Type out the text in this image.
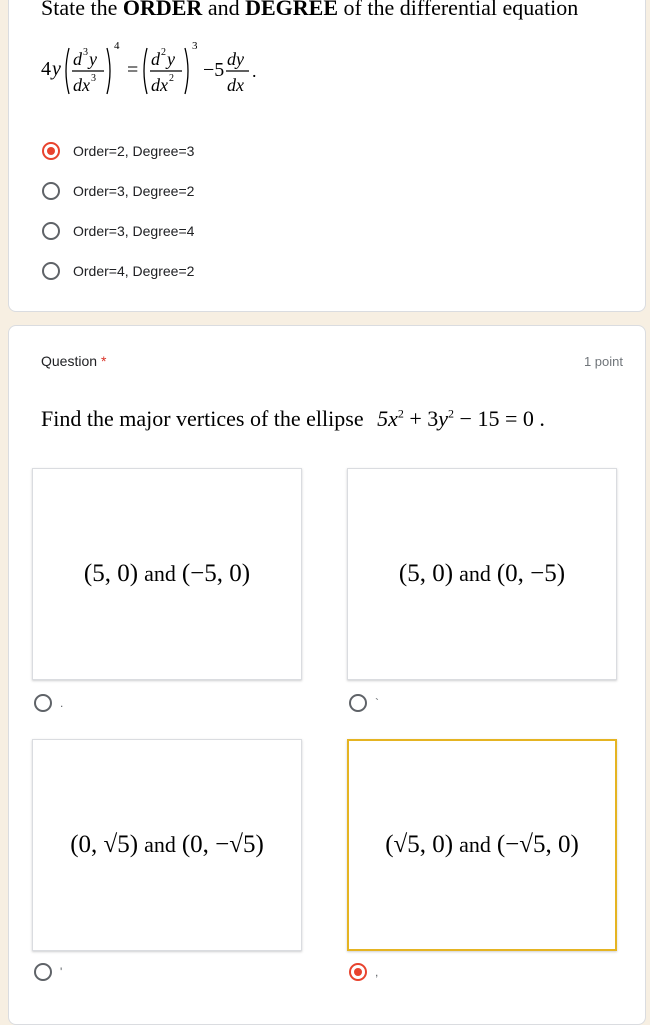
State the ORDER and DEGREE of the differential equation
4 y d 3 y
dx 3
4
= d 2 y
dx 2
3
−5 dy
dx
.
Order=2, Degree=3
Order=3, Degree=2
Order=3, Degree=4
Order=4, Degree=2
Question *	1 point
Find the major vertices of the ellipse $5x^2 + 3y^2 - 15 = 0$ .
(5, 0) and (−5, 0)
.
(5, 0) and (0, −5)
`
(0, √5) and (0, −√5)
'
(√5, 0) and (−√5, 0)
,
